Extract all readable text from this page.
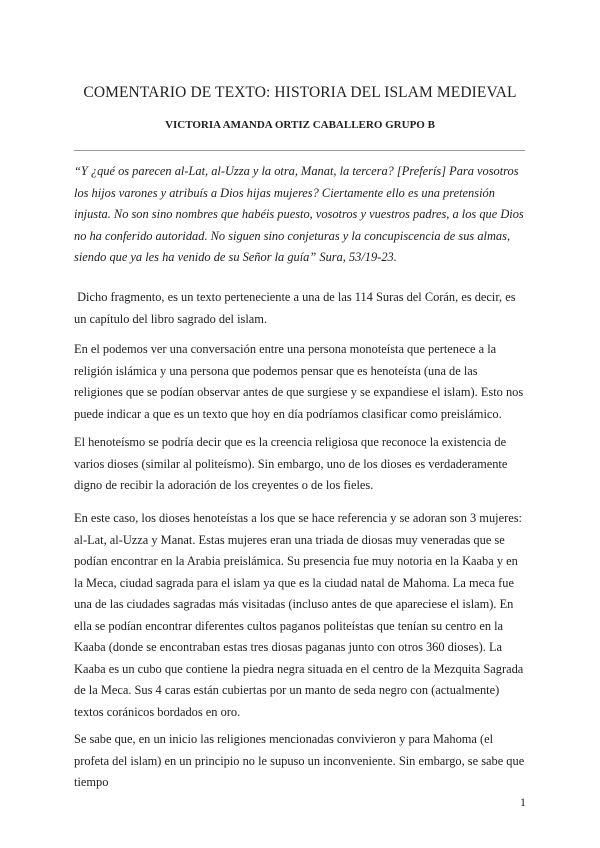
COMENTARIO DE TEXTO: HISTORIA DEL ISLAM MEDIEVAL
VICTORIA AMANDA ORTIZ CABALLERO GRUPO B

“Y ¿qué os parecen al-Lat, al-Uzza y la otra, Manat, la tercera? [Preferís] Para vosotros los hijos varones y atribuís a Dios hijas mujeres? Ciertamente ello es una pretensión injusta. No son sino nombres que habéis puesto, vosotros y vuestros padres, a los que Dios no ha conferido autoridad. No siguen sino conjeturas y la concupiscencia de sus almas, siendo que ya les ha venido de su Señor la guía” Sura, 53/19-23.

Dicho fragmento, es un texto perteneciente a una de las 114 Suras del Corán, es decir, es un capítulo del libro sagrado del islam.

En el podemos ver una conversación entre una persona monoteísta que pertenece a la religión islámica y una persona que podemos pensar que es henoteísta (una de las religiones que se podían observar antes de que surgiese y se expandiese el islam). Esto nos puede indicar a que es un texto que hoy en día podríamos clasificar como preislámico.

El henoteísmo se podría decir que es la creencia religiosa que reconoce la existencia de varios dioses (similar al politeísmo). Sin embargo, uno de los dioses es verdaderamente digno de recibir la adoración de los creyentes o de los fieles.

En este caso, los dioses henoteístas a los que se hace referencia y se adoran son 3 mujeres: al-Lat, al-Uzza y Manat. Estas mujeres eran una triada de diosas muy veneradas que se podían encontrar en la Arabia preislámica. Su presencia fue muy notoria en la Kaaba y en la Meca, ciudad sagrada para el islam ya que es la ciudad natal de Mahoma. La meca fue una de las ciudades sagradas más visitadas (incluso antes de que apareciese el islam). En ella se podían encontrar diferentes cultos paganos politeístas que tenían su centro en la Kaaba (donde se encontraban estas tres diosas paganas junto con otros 360 dioses). La Kaaba es un cubo que contiene la piedra negra situada en el centro de la Mezquita Sagrada de la Meca. Sus 4 caras están cubiertas por un manto de seda negro con (actualmente) textos coránicos bordados en oro.

Se sabe que, en un inicio las religiones mencionadas convivieron y para Mahoma (el profeta del islam) en un principio no le supuso un inconveniente. Sin embargo, se sabe que tiempo

1
